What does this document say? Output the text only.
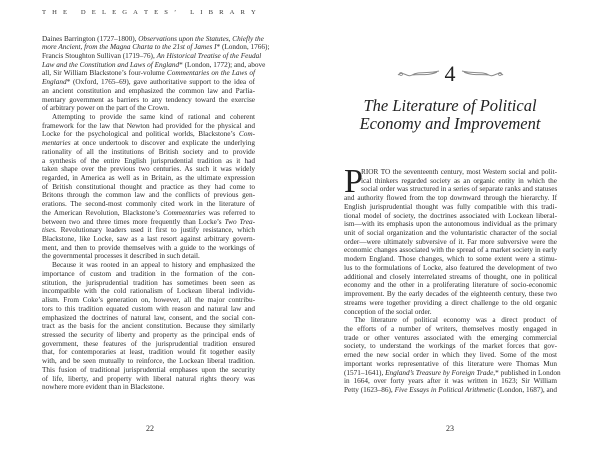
T H E
D E L E G A T E S ’
L I B R A R Y
Daines Barrington (1727–1800), Observations upon the Statutes, Chiefly the
more Ancient, from the Magna Charta to the 21st of James I* (London, 1766);
Francis Stoughton Sullivan (1719–76), An Historical Treatise of the Feudal
Law and the Constitution and Laws of England* (London, 1772); and, above
all, Sir William Blackstone’s four-volume Commentaries on the Laws of
England* (Oxford, 1765–69), gave authoritative support to the idea of
an ancient constitution and emphasized the common law and Parlia-
mentary government as barriers to any tendency toward the exercise
of arbitrary power on the part of the Crown.
Attempting to provide the same kind of rational and coherent
framework for the law that Newton had provided for the physical and
Locke for the psychological and political worlds, Blackstone’s Com-
mentaries at once undertook to discover and explicate the underlying
rationality of all the institutions of British society and to provide
a synthesis of the entire English jurisprudential tradition as it had
taken shape over the previous two centuries. As such it was widely
regarded, in America as well as in Britain, as the ultimate expression
of British constitutional thought and practice as they had come to
Britons through the common law and the conflicts of previous gen-
erations. The second-most commonly cited work in the literature of
the American Revolution, Blackstone’s Commentaries was referred to
between two and three times more frequently than Locke’s Two Trea-
tises. Revolutionary leaders used it first to justify resistance, which
Blackstone, like Locke, saw as a last resort against arbitrary govern-
ment, and then to provide themselves with a guide to the workings of
the governmental processes it described in such detail.
Because it was rooted in an appeal to history and emphasized the
importance of custom and tradition in the formation of the con-
stitution, the jurisprudential tradition has sometimes been seen as
incompatible with the cold rationalism of Lockean liberal individu-
alism. From Coke’s generation on, however, all the major contribu-
tors to this tradition equated custom with reason and natural law and
emphasized the doctrines of natural law, consent, and the social con-
tract as the basis for the ancient constitution. Because they similarly
stressed the security of liberty and property as the principal ends of
government, these features of the jurisprudential tradition ensured
that, for contemporaries at least, tradition would fit together easily
with, and be seen mutually to reinforce, the Lockean liberal tradition.
This fusion of traditional jurisprudential emphases upon the security
of life, liberty, and property with liberal natural rights theory was
nowhere more evident than in Blackstone.
22
4
The Literature of Political
Economy and Improvement
P
RIOR TO the seventeenth century, most Western social and polit-
ical thinkers regarded society as an organic entity in which the
social order was structured in a series of separate ranks and statuses
and authority flowed from the top downward through the hierarchy. If
English jurisprudential thought was fully compatible with this tradi-
tional model of society, the doctrines associated with Lockean liberal-
ism—with its emphasis upon the autonomous individual as the primary
unit of social organization and the voluntaristic character of the social
order—were ultimately subversive of it. Far more subversive were the
economic changes associated with the spread of a market society in early
modern England. Those changes, which to some extent were a stimu-
lus to the formulations of Locke, also featured the development of two
additional and closely interrelated streams of thought, one in political
economy and the other in a proliferating literature of socio-economic
improvement. By the early decades of the eighteenth century, these two
streams were together providing a direct challenge to the old organic
conception of the social order.
The literature of political economy was a direct product of
the efforts of a number of writers, themselves mostly engaged in
trade or other ventures associated with the emerging commercial
society, to understand the workings of the market forces that gov-
erned the new social order in which they lived. Some of the most
important works representative of this literature were Thomas Mun
(1571–1641), England’s Treasure by Foreign Trade,* published in London
in 1664, over forty years after it was written in 1623; Sir William
Petty (1623–86), Five Essays in Political Arithmetic (London, 1687), and
23
